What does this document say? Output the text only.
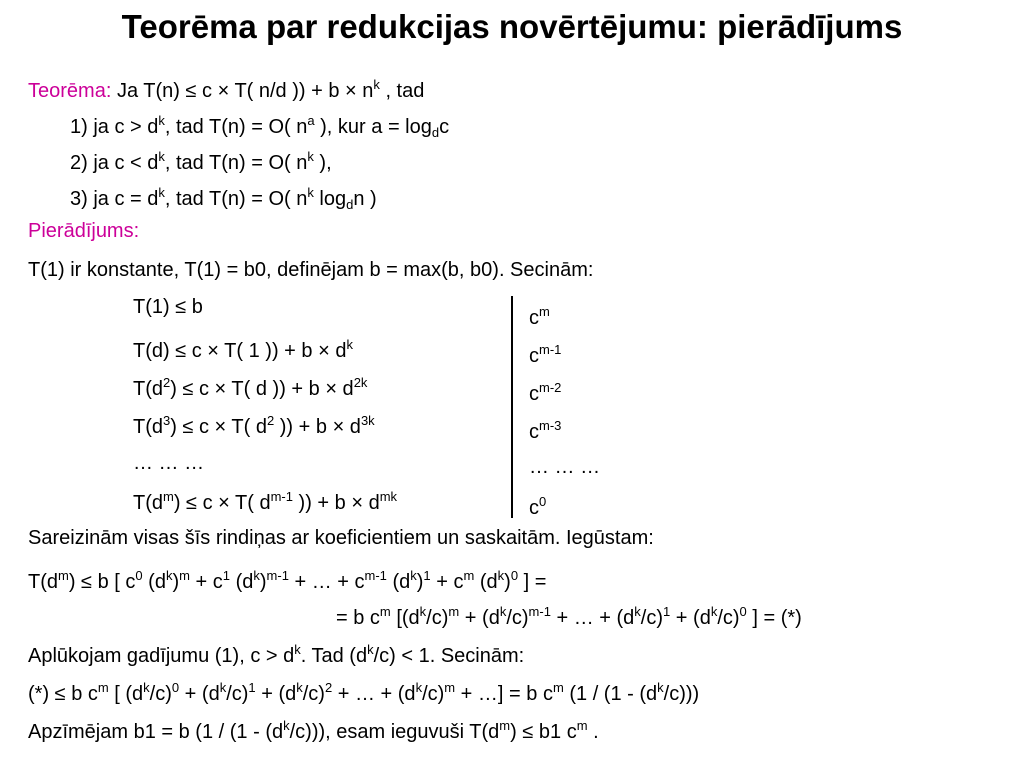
Teorēma par redukcijas novērtējumu: pierādījums
Teorēma: Ja T(n) ≤ c × T( n/d )) + $b \times n^k$ , tad
1) ja $c > d^k$, tad T(n) = O( $n^a$ ), kur $a = \log_dc$
2) ja $c < d^k$, tad T(n) = O( $n^k$ ),
3) ja $c = d^k$, tad T(n) = O( $n^k$ $\log_dn$ )
Pierādījums:
T(1) ir konstante, T(1) = b0, definējam b = max(b, b0). Secinām:
T(1) ≤ b
T(d) ≤ c × T( 1 )) + $b \times d^k$
$T(d^2) \le c \times T$( d )) + $b \times d^{2k}$
$T(d^3) \le c \times T$( $d^2$ )) + $b \times d^{3k}$
… … …
$T(d^m) \le c \times T$( $d^{m-1}$ )) + $b \times d^{mk}$
$c^m$
$c^{m-1}$
$c^{m-2}$
$c^{m-3}$
… … …
$c^0$
Sareizinām visas šīs rindiņas ar koeficientiem un saskaitām. Iegūstam:
$T(d^m) \le b$ [ $c^0$ $(d^k)^m + c^1$ $(d^k)^{m-1}$ + … + $c^{m-1}$ $(d^k)^1 + c^m$ $(d^k)^0$ ] =
= b $c^m$ [$(d^k/c)^m + (d^k/c)^{m-1}$ + … + $(d^k/c)^1 + (d^k/c)^0$ ] = (*)
Aplūkojam gadījumu (1), $c > d^k$. Tad $(d^k/c) < 1$. Secinām:
(*) ≤ b $c^m$ [ $(d^k/c)^0 + (d^k/c)^1 + (d^k/c)^2$ + … + $(d^k/c)^m$ + …] = b $c^m$ $(1 / (1 - (d^k/c)))$
Apzīmējam b1 = b $(1 / (1 - (d^k/c)))$, esam ieguvuši $T(d^m) \le b1$ $c^m$ .
